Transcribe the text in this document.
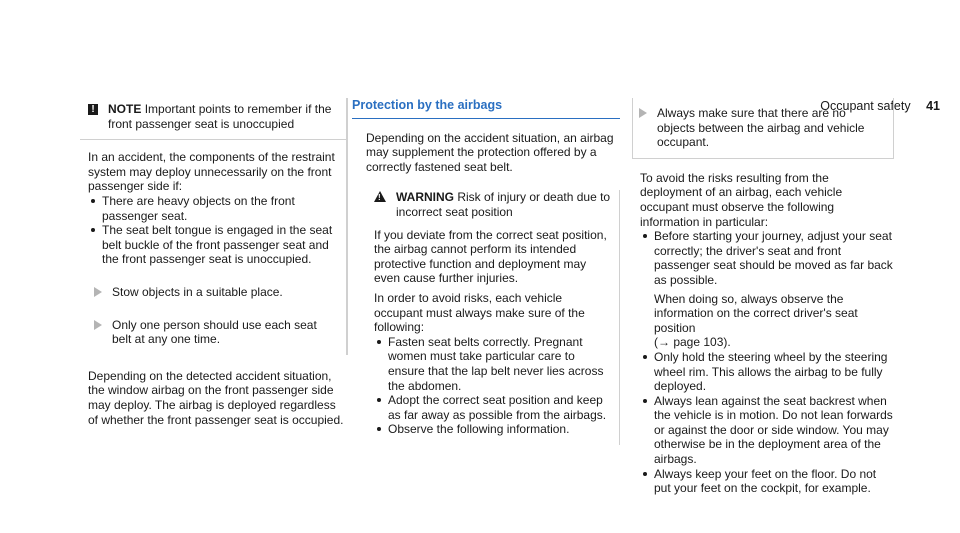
Occupant safety 41
! NOTE Important points to remember if the front passenger seat is unoccupied

In an accident, the components of the restraint system may deploy unnecessarily on the front passenger side if:

There are heavy objects on the front passenger seat.
The seat belt tongue is engaged in the seat belt buckle of the front passenger seat and the front passenger seat is unoccupied.
Stow objects in a suitable place.
Only one person should use each seat belt at any one time.

Depending on the detected accident situation, the window airbag on the front passenger side may deploy. The airbag is deployed regardless of whether the front passenger seat is occupied.

Protection by the airbags

Depending on the accident situation, an airbag may supplement the protection offered by a correctly fastened seat belt.

!
WARNING Risk of injury or death due to incorrect seat position

If you deviate from the correct seat position, the airbag cannot perform its intended protective function and deployment may even cause further injuries.

In order to avoid risks, each vehicle occupant must always make sure of the following:

Fasten seat belts correctly. Pregnant women must take particular care to ensure that the lap belt never lies across the abdomen.
Adopt the correct seat position and keep as far away as possible from the airbags.
Observe the following information.
Always make sure that there are no objects between the airbag and vehicle occupant.

To avoid the risks resulting from the deployment of an airbag, each vehicle occupant must observe the following information in particular:

Before starting your journey, adjust your seat correctly; the driver's seat and front passenger seat should be moved as far back as possible.

When doing so, always observe the information on the correct driver's seat position
(→ page 103).

Only hold the steering wheel by the steering wheel rim. This allows the airbag to be fully deployed.
Always lean against the seat backrest when the vehicle is in motion. Do not lean forwards or against the door or side window. You may otherwise be in the deployment area of the airbags.
Always keep your feet on the floor. Do not put your feet on the cockpit, for example.
